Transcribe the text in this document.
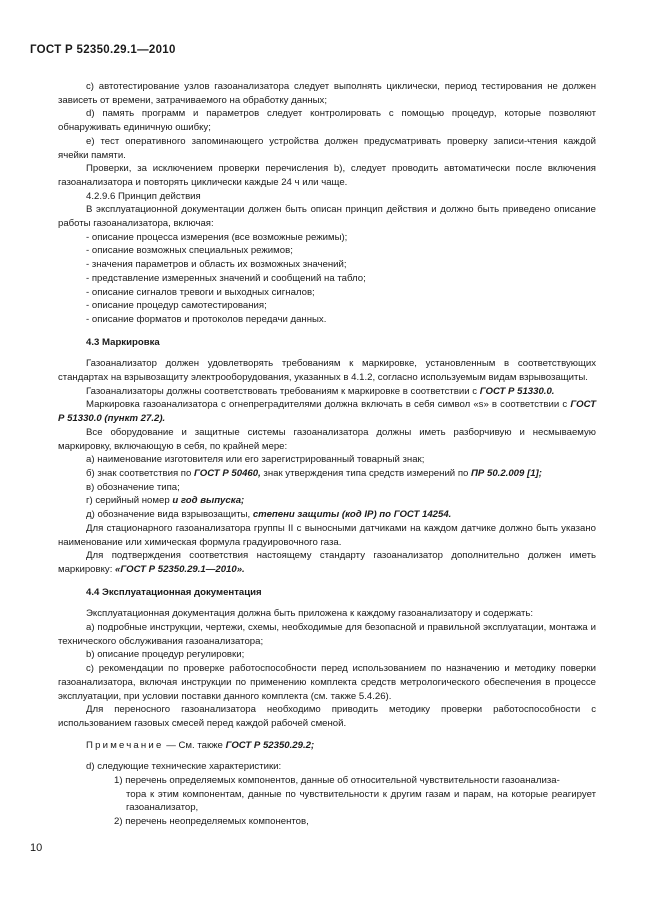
ГОСТ Р 52350.29.1—2010

с) автотестирование узлов газоанализатора следует выполнять циклически, период тестирования не должен зависеть от времени, затрачиваемого на обработку данных;

d) память программ и параметров следует контролировать с помощью процедур, которые позволяют обнаруживать единичную ошибку;

е) тест оперативного запоминающего устройства должен предусматривать проверку записи-чтения каждой ячейки памяти.

Проверки, за исключением проверки перечисления b), следует проводить автоматически после включения газоанализатора и повторять циклически каждые 24 ч или чаще.

4.2.9.6 Принцип действия

В эксплуатационной документации должен быть описан принцип действия и должно быть приведено описание работы газоанализатора, включая:

- описание процесса измерения (все возможные режимы);

- описание возможных специальных режимов;

- значения параметров и область их возможных значений;

- представление измеренных значений и сообщений на табло;

- описание сигналов тревоги и выходных сигналов;

- описание процедур самотестирования;

- описание форматов и протоколов передачи данных.

4.3 Маркировка

Газоанализатор должен удовлетворять требованиям к маркировке, установленным в соответствующих стандартах на взрывозащиту электрооборудования, указанных в 4.1.2, согласно используемым видам взрывозащиты.

Газоанализаторы должны соответствовать требованиям к маркировке в соответствии с ГОСТ Р 51330.0.

Маркировка газоанализатора с огнепреградителями должна включать в себя символ «s» в соответствии с ГОСТ Р 51330.0 (пункт 27.2).

Все оборудование и защитные системы газоанализатора должны иметь разборчивую и несмываемую маркировку, включающую в себя, по крайней мере:

а) наименование изготовителя или его зарегистрированный товарный знак;

б) знак соответствия по ГОСТ Р 50460, знак утверждения типа средств измерений по ПР 50.2.009 [1];

в) обозначение типа;

г) серийный номер и год выпуска;

д) обозначение вида взрывозащиты, степени защиты (код IP) по ГОСТ 14254.

Для стационарного газоанализатора группы II с выносными датчиками на каждом датчике должно быть указано наименование или химическая формула градуировочного газа.

Для подтверждения соответствия настоящему стандарту газоанализатор дополнительно должен иметь маркировку: «ГОСТ Р 52350.29.1—2010».

4.4 Эксплуатационная документация

Эксплуатационная документация должна быть приложена к каждому газоанализатору и содержать:

а) подробные инструкции, чертежи, схемы, необходимые для безопасной и правильной эксплуатации, монтажа и технического обслуживания газоанализатора;

b) описание процедур регулировки;

с) рекомендации по проверке работоспособности перед использованием по назначению и методику поверки газоанализатора, включая инструкции по применению комплекта средств метрологического обеспечения в процессе эксплуатации, при условии поставки данного комплекта (см. также 5.4.26).

Для переносного газоанализатора необходимо приводить методику проверки работоспособности с использованием газовых смесей перед каждой рабочей сменой.

Примечание — См. также ГОСТ Р 52350.29.2;

d) следующие технические характеристики:

1) перечень определяемых компонентов, данные об относительной чувствительности газоанализа-
тора к этим компонентам, данные по чувствительности к другим газам и парам, на которые реагирует газоанализатор,

2) перечень неопределяемых компонентов,

10
